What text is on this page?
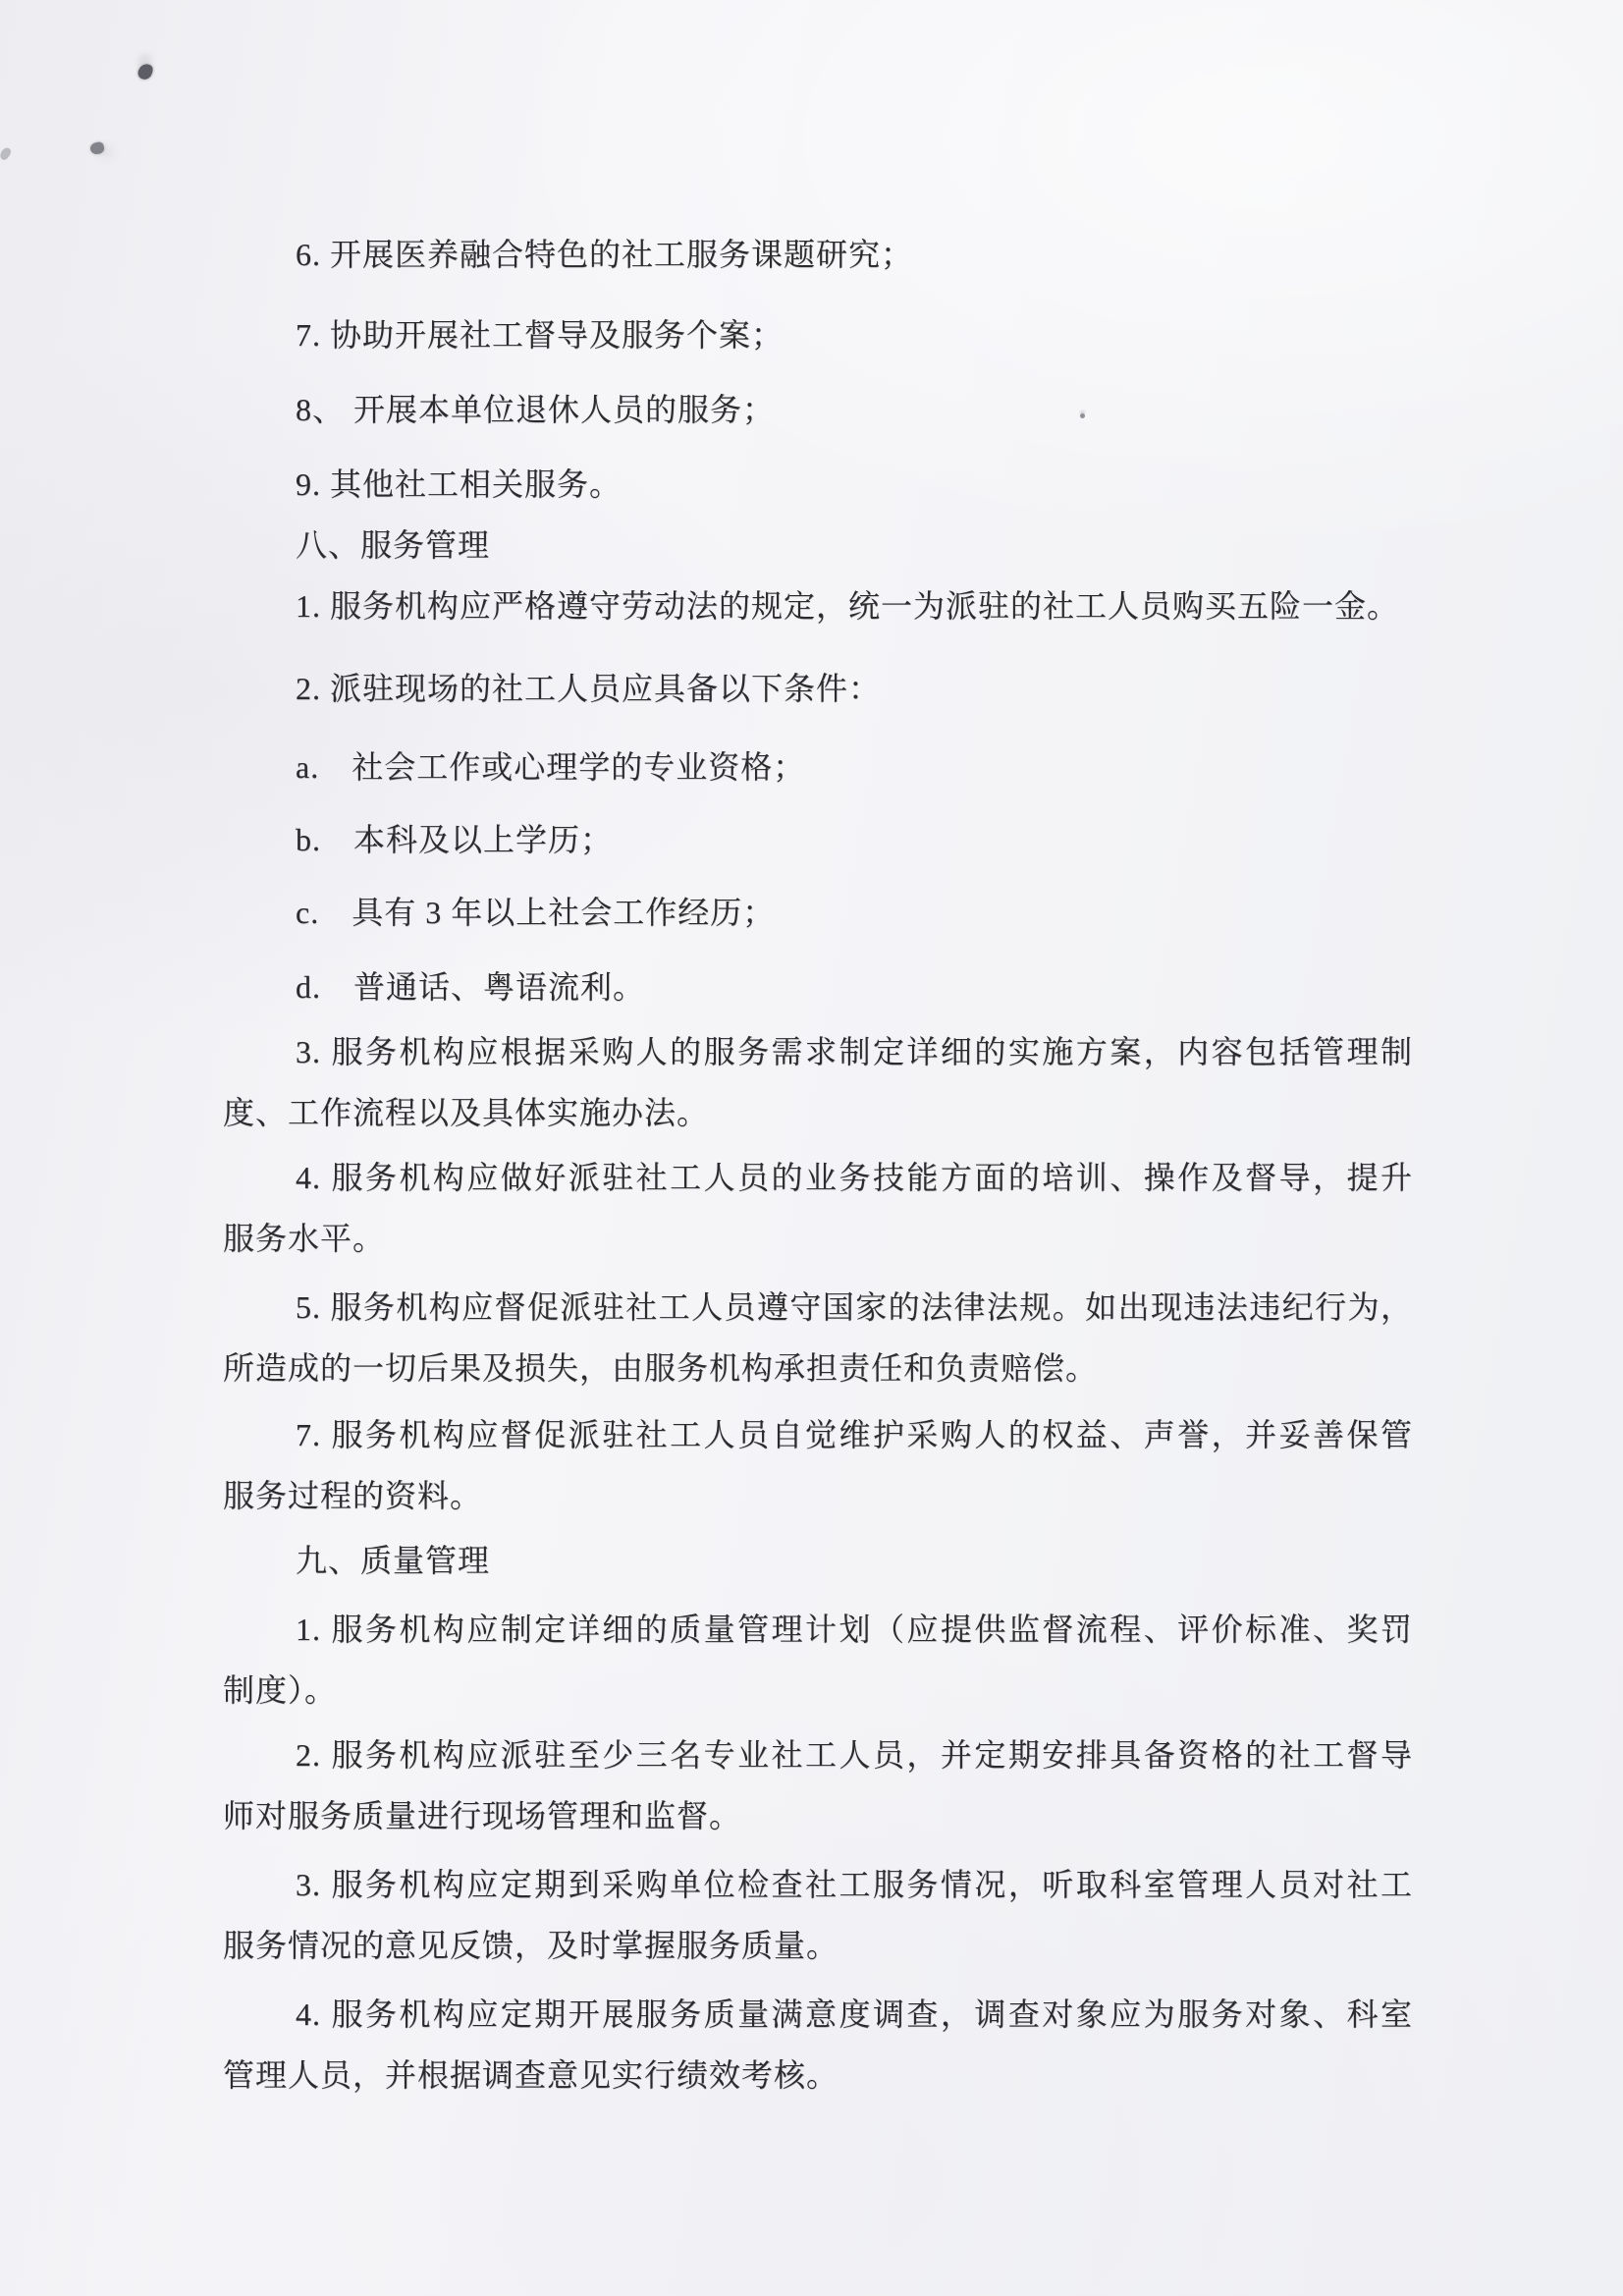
6. 开展医养融合特色的社工服务课题研究；
7. 协助开展社工督导及服务个案；
8、 开展本单位退休人员的服务；
9. 其他社工相关服务。
八、服务管理
1. 服务机构应严格遵守劳动法的规定，统一为派驻的社工人员购买五险一金。
2. 派驻现场的社工人员应具备以下条件：
a.　社会工作或心理学的专业资格；
b.　本科及以上学历；
c.　具有 3 年以上社会工作经历；
d.　普通话、粤语流利。
3. 服务机构应根据采购人的服务需求制定详细的实施方案，内容包括管理制
度、工作流程以及具体实施办法。
4. 服务机构应做好派驻社工人员的业务技能方面的培训、操作及督导，提升
服务水平。
5. 服务机构应督促派驻社工人员遵守国家的法律法规。如出现违法违纪行为，
所造成的一切后果及损失，由服务机构承担责任和负责赔偿。
7. 服务机构应督促派驻社工人员自觉维护采购人的权益、声誉，并妥善保管
服务过程的资料。
九、质量管理
1. 服务机构应制定详细的质量管理计划（应提供监督流程、评价标准、奖罚
制度）。
2. 服务机构应派驻至少三名专业社工人员，并定期安排具备资格的社工督导
师对服务质量进行现场管理和监督。
3. 服务机构应定期到采购单位检查社工服务情况，听取科室管理人员对社工
服务情况的意见反馈，及时掌握服务质量。
4. 服务机构应定期开展服务质量满意度调查，调查对象应为服务对象、科室
管理人员，并根据调查意见实行绩效考核。
